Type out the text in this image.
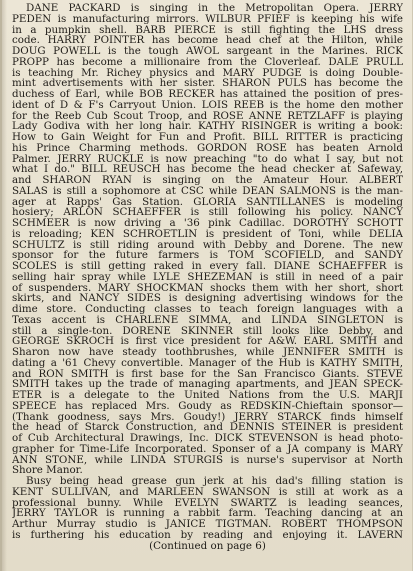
DANE PACKARD is singing in the Metropolitan Opera. JERRY
PEDEN is manufacturing mirrors. WILBUR PFIEF is keeping his wife
in a pumpkin shell. BARB PIERCE is still fighting the LHS dress
code. HARRY POINTER has become head chef at the Hilton, while
DOUG POWELL is the tough AWOL sargeant in the Marines. RICK
PROPP has become a millionaire from the Cloverleaf. DALE PRULL
is teaching Mr. Richey physics and MARY PUDGE is doing Double-
mint advertisements with her sister. SHARON PULS has become the
duchess of Earl, while BOB RECKER has attained the position of pres-
ident of D & F's Carryout Union. LOIS REEB is the home den mother
for the Reeb Cub Scout Troop, and ROSE ANNE RETZLAFF is playing
Lady Godiva with her long hair. KATHY RISINGER is writing a book:
How to Gain Weight for Fun and Profit. BILL RITTER is practicing
his Prince Charming methods. GORDON ROSE has beaten Arnold
Palmer. JERRY RUCKLE is now preaching "to do what I say, but not
what I do." BILL REUSCH has become the head checker at Safeway,
and SHARON RYAN is singing on the Amateur Hour. ALBERT
SALAS is still a sophomore at CSC while DEAN SALMONS is the man-
ager at Rapps' Gas Station. GLORIA SANTILLANES is modeling
hosiery; ARLON SCHAEFFER is still following his policy. NANCY
SCHMEER is now driving a '36 pink Cadillac. DOROTHY SCHOTT
is reloading; KEN SCHROETLIN is president of Toni, while DELIA
SCHULTZ is still riding around with Debby and Dorene. The new
sponsor for the future farmers is TOM SCOFIELD, and SANDY
SCOLES is still getting raked in every fall. DIANE SCHAEFFER is
selling hair spray while LYLE SHEZEMAN is still in need of a pair
of suspenders. MARY SHOCKMAN shocks them with her short, short
skirts, and NANCY SIDES is designing advertising windows for the
dime store. Conducting classes to teach foreign languages with a
Texas accent is CHARLENE SIMMA, and LINDA SINGLETON is
still a single-ton. DORENE SKINNER still looks like Debby, and
GEORGE SKROCH is first vice president for A&W. EARL SMITH and
Sharon now have steady toothbrushes, while JENNIFER SMITH is
dating a '61 Chevy convertible. Manager of the Hub is KATHY SMITH,
and RON SMITH is first base for the San Francisco Giants. STEVE
SMITH takes up the trade of managing apartments, and JEAN SPECK-
ETER is a delegate to the United Nations from the U.S. MARJI
SPEECE has replaced Mrs. Goudy as REDSKIN-Chieftain sponsor—
(Thank goodness, says Mrs. Goudy!) JERRY STARCK finds himself
the head of Starck Construction, and DENNIS STEINER is president
of Cub Architectural Drawings, Inc. DICK STEVENSON is head photo-
grapher for Time-Life Incorporated. Sponser of a JA company is MARY
ANN STONE, while LINDA STURGIS is nurse's supervisor at North
Shore Manor.
Busy being head grease gun jerk at his dad's filling station is
KENT SULLIVAN, and MARLEEN SWANSON is still at work as a
professional bunny. While EVELYN SWARTZ is leading seances,
JERRY TAYLOR is running a rabbit farm. Teaching dancing at an
Arthur Murray studio is JANICE TIGTMAN. ROBERT THOMPSON
is furthering his education by reading and enjoying it. LAVERN
(Continued on page 6)
